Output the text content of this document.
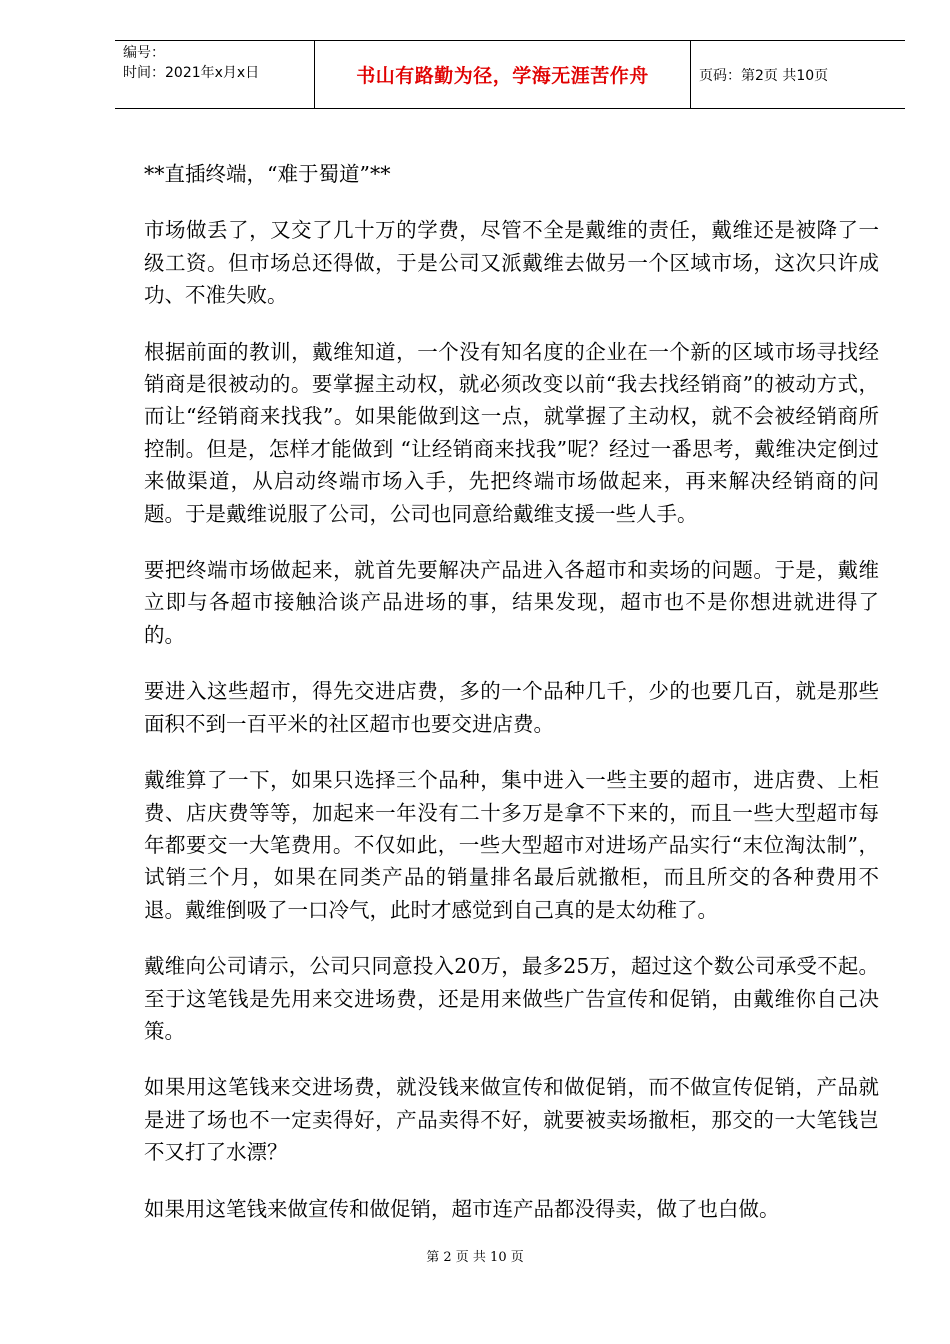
编号：
时间：2021年x月x日	书山有路勤为径，学海无涯苦作舟	页码：第2页 共10页

**直插终端，“难于蜀道”**

市场做丢了，又交了几十万的学费，尽管不全是戴维的责任，戴维还是被降了一级工资。但市场总还得做，于是公司又派戴维去做另一个区域市场，这次只许成功、不准失败。

根据前面的教训，戴维知道，一个没有知名度的企业在一个新的区域市场寻找经销商是很被动的。要掌握主动权，就必须改变以前“我去找经销商”的被动方式，而让“经销商来找我”。如果能做到这一点，就掌握了主动权，就不会被经销商所控制。但是，怎样才能做到 “让经销商来找我”呢？经过一番思考，戴维决定倒过来做渠道，从启动终端市场入手，先把终端市场做起来，再来解决经销商的问题。于是戴维说服了公司，公司也同意给戴维支援一些人手。

要把终端市场做起来，就首先要解决产品进入各超市和卖场的问题。于是，戴维立即与各超市接触洽谈产品进场的事，结果发现，超市也不是你想进就进得了的。

要进入这些超市，得先交进店费，多的一个品种几千，少的也要几百，就是那些面积不到一百平米的社区超市也要交进店费。

戴维算了一下，如果只选择三个品种，集中进入一些主要的超市，进店费、上柜费、店庆费等等，加起来一年没有二十多万是拿不下来的，而且一些大型超市每年都要交一大笔费用。不仅如此，一些大型超市对进场产品实行“末位淘汰制”，试销三个月，如果在同类产品的销量排名最后就撤柜，而且所交的各种费用不退。戴维倒吸了一口冷气，此时才感觉到自己真的是太幼稚了。

戴维向公司请示，公司只同意投入20万，最多25万，超过这个数公司承受不起。至于这笔钱是先用来交进场费，还是用来做些广告宣传和促销，由戴维你自己决策。

如果用这笔钱来交进场费，就没钱来做宣传和做促销，而不做宣传促销，产品就是进了场也不一定卖得好，产品卖得不好，就要被卖场撤柜，那交的一大笔钱岂不又打了水漂？

如果用这笔钱来做宣传和做促销，超市连产品都没得卖，做了也白做。

第 2 页 共 10 页
